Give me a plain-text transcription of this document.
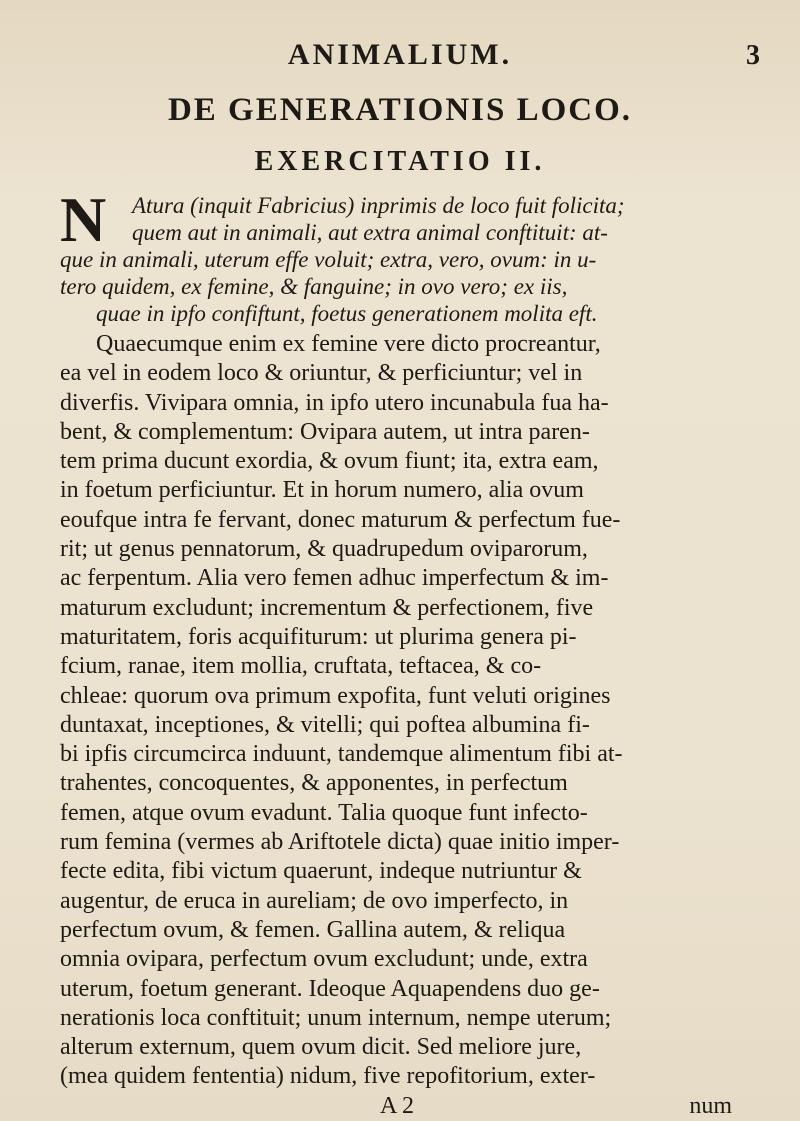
ANIMALIUM.	3
DE GENERATIONIS LOCO.
EXERCITATIO II.
N	Atura (inquit Fabricius) inprimis de loco fuit folicita;
quem aut in animali, aut extra animal conftituit: at-
que in animali, uterum effe voluit; extra, vero, ovum: in u-
tero quidem, ex femine, & fanguine; in ovo vero; ex iis,
quae in ipfo confiftunt, foetus generationem molita eft.
Quaecumque enim ex femine vere dicto procreantur,
ea vel in eodem loco & oriuntur, & perficiuntur; vel in
diverfis. Vivipara omnia, in ipfo utero incunabula fua ha-
bent, & complementum: Ovipara autem, ut intra paren-
tem prima ducunt exordia, & ovum fiunt; ita, extra eam,
in foetum perficiuntur. Et in horum numero, alia ovum
eoufque intra fe fervant, donec maturum & perfectum fue-
rit; ut genus pennatorum, & quadrupedum oviparorum,
ac ferpentum. Alia vero femen adhuc imperfectum & im-
maturum excludunt; incrementum & perfectionem, five
maturitatem, foris acquifiturum: ut plurima genera pi-
fcium, ranae, item mollia, cruftata, teftacea, & co-
chleae: quorum ova primum expofita, funt veluti origines
duntaxat, inceptiones, & vitelli; qui poftea albumina fi-
bi ipfis circumcirca induunt, tandemque alimentum fibi at-
trahentes, concoquentes, & apponentes, in perfectum
femen, atque ovum evadunt. Talia quoque funt infecto-
rum femina (vermes ab Ariftotele dicta) quae initio imper-
fecte edita, fibi victum quaerunt, indeque nutriuntur &
augentur, de eruca in aureliam; de ovo imperfecto, in
perfectum ovum, & femen. Gallina autem, & reliqua
omnia ovipara, perfectum ovum excludunt; unde, extra
uterum, foetum generant. Ideoque Aquapendens duo ge-
nerationis loca conftituit; unum internum, nempe uterum;
alterum externum, quem ovum dicit. Sed meliore jure,
(mea quidem fententia) nidum, five repofitorium, exter-
A 2	num
